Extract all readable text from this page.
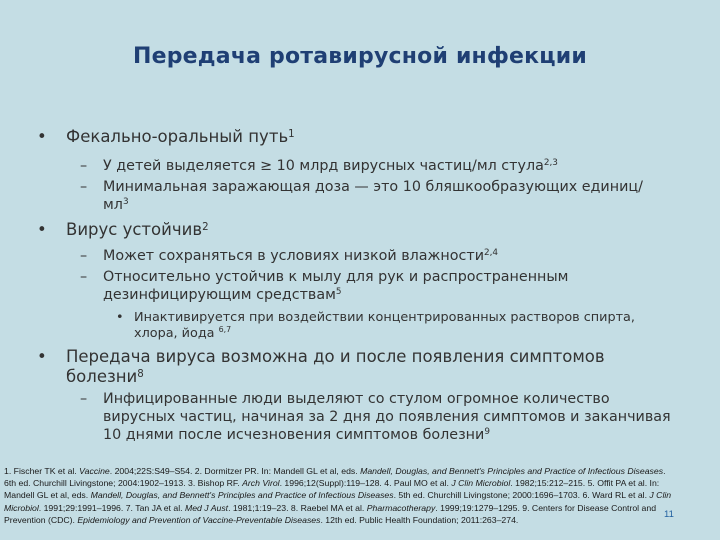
Передача ротавирусной инфекции
• Фекально-оральный путь$^1$

– У детей выделяется ≥ 10 млрд вирусных частиц/мл стула$^{2,3}$

– Минимальная заражающая доза — это 10 бляшкообразующих единиц/$мл^3$

• Вирус устойчив$^2$

– Может сохраняться в условиях низкой влажности$^{2,4}$

– Относительно устойчив к мылу для рук и распространенным дезинфицирующим средствам$^5$

• Инактивируется при воздействии концентрированных растворов спирта, хлора, йода $^{6,7}$

• Передача вируса возможна до и после появления симптомов болезни$^8$

– Инфицированные люди выделяют со стулом огромное количество вирусных частиц, начиная за 2 дня до появления симптомов и заканчивая 10 днями после исчезновения симптомов болезни$^9$

1. Fischer TK et al. Vaccine. 2004;22S:S49–S54. 2. Dormitzer PR. In: Mandell GL et al, eds. Mandell, Douglas, and Bennett's Principles and Practice of Infectious Diseases. 6th ed. Churchill Livingstone; 2004:1902–1913. 3. Bishop RF. Arch Virol. 1996;12(Suppl):119–128. 4. Paul MO et al. J Clin Microbiol. 1982;15:212–215. 5. Offit PA et al. In: Mandell GL et al, eds. Mandell, Douglas, and Bennett's Principles and Practice of Infectious Diseases. 5th ed. Churchill Livingstone; 2000:1696–1703. 6. Ward RL et al. J Clin Microbiol. 1991;29:1991–1996. 7. Tan JA et al. Med J Aust. 1981;1:19–23. 8. Raebel MA et al. Pharmacotherapy. 1999;19:1279–1295. 9. Centers for Disease Control and Prevention (CDC). Epidemiology and Prevention of Vaccine-Preventable Diseases. 12th ed. Public Health Foundation; 2011:263–274.	11
